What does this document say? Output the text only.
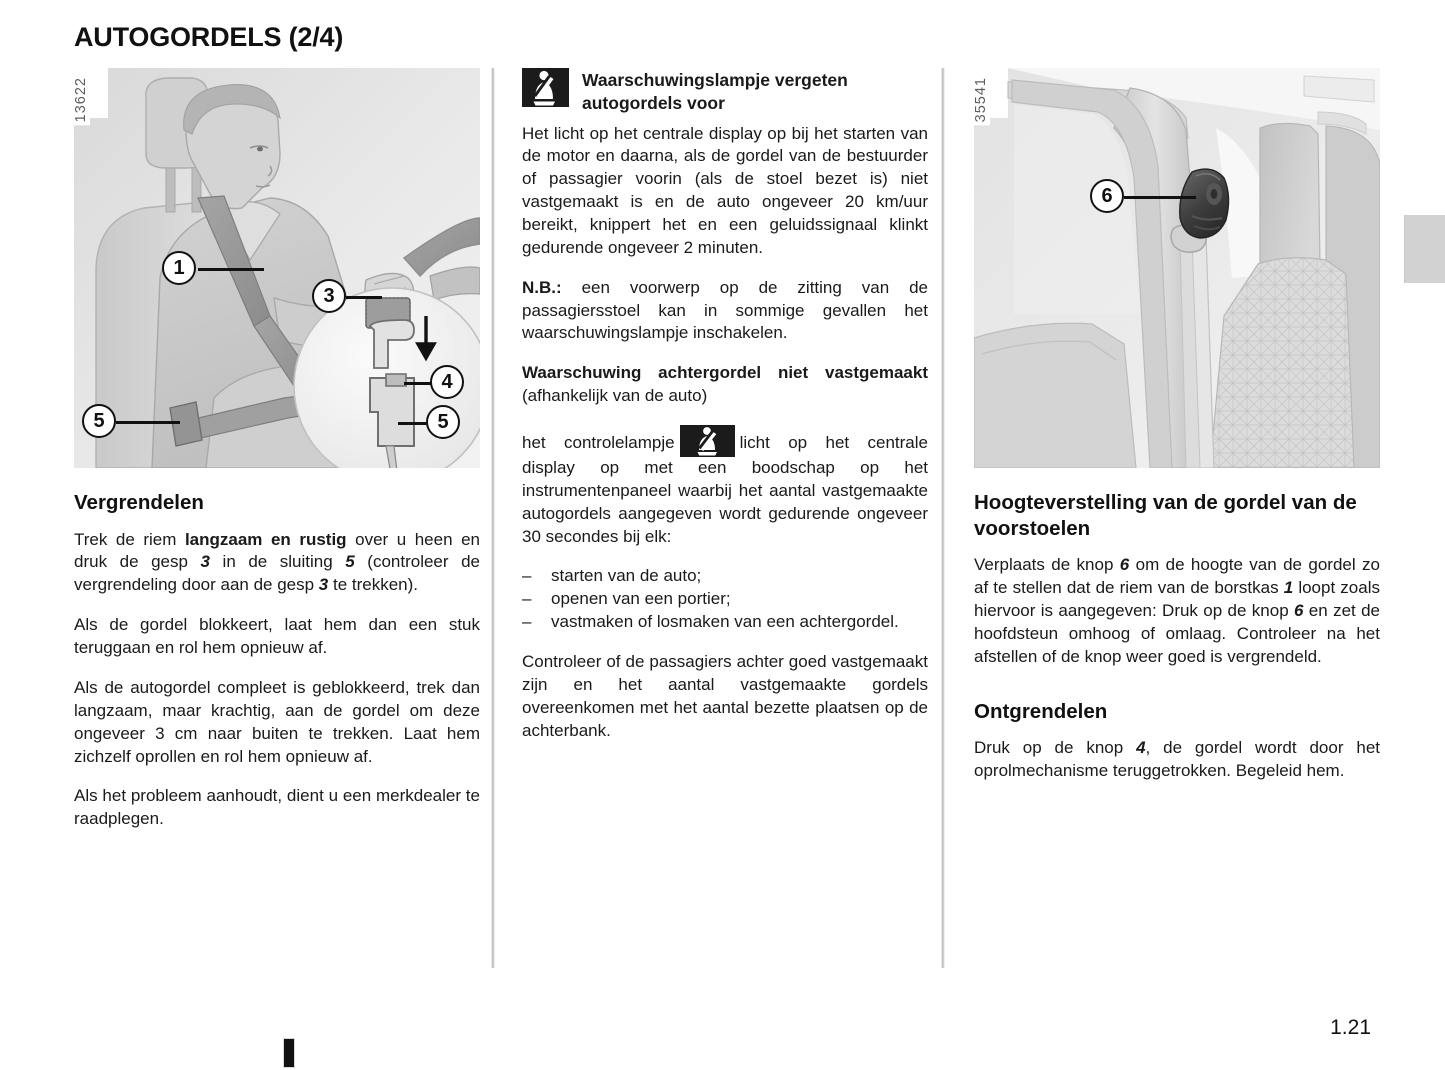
AUTOGORDELS (2/4)
13622
1
3
4
5	5
Vergrendelen

Trek de riem langzaam en rustig over u heen en druk de gesp 3 in de sluiting 5 (controleer de vergrendeling door aan de gesp 3 te trekken).

Als de gordel blokkeert, laat hem dan een stuk teruggaan en rol hem opnieuw af.

Als de autogordel compleet is geblokkeerd, trek dan langzaam, maar krachtig, aan de gordel om deze ongeveer 3 cm naar buiten te trekken. Laat hem zichzelf oprollen en rol hem opnieuw af.

Als het probleem aanhoudt, dient u een merkdealer te raadplegen.

Waarschuwingslampje vergeten autogordels voor

Het licht op het centrale display op bij het starten van de motor en daarna, als de gordel van de bestuurder of passagier voorin (als de stoel bezet is) niet vastgemaakt is en de auto ongeveer 20 km/uur bereikt, knippert het en een geluidssignaal klinkt gedurende ongeveer 2 minuten.

N.B.: een voorwerp op de zitting van de passagiersstoel kan in sommige gevallen het waarschuwingslampje inschakelen.

Waarschuwing achtergordel niet vastgemaakt (afhankelijk van de auto)

het controlelampje	licht op het centrale display op met een boodschap op het instrumentenpaneel waarbij het aantal vastgemaakte autogordels aangegeven wordt gedurende ongeveer 30 secondes bij elk:

– starten van de auto;
– openen van een portier;
– vastmaken of losmaken van een achtergordel.

Controleer of de passagiers achter goed vastgemaakt zijn en het aantal vastgemaakte gordels overeenkomen met het aantal bezette plaatsen op de achterbank.

35541
6
Hoogteverstelling van de gordel van de voorstoelen

Verplaats de knop 6 om de hoogte van de gordel zo af te stellen dat de riem van de borstkas 1 loopt zoals hiervoor is aangegeven: Druk op de knop 6 en zet de hoofdsteun omhoog of omlaag. Controleer na het afstellen of de knop weer goed is vergrendeld.

Ontgrendelen

Druk op de knop 4, de gordel wordt door het oprolmechanisme teruggetrokken. Begeleid hem.

1.21
